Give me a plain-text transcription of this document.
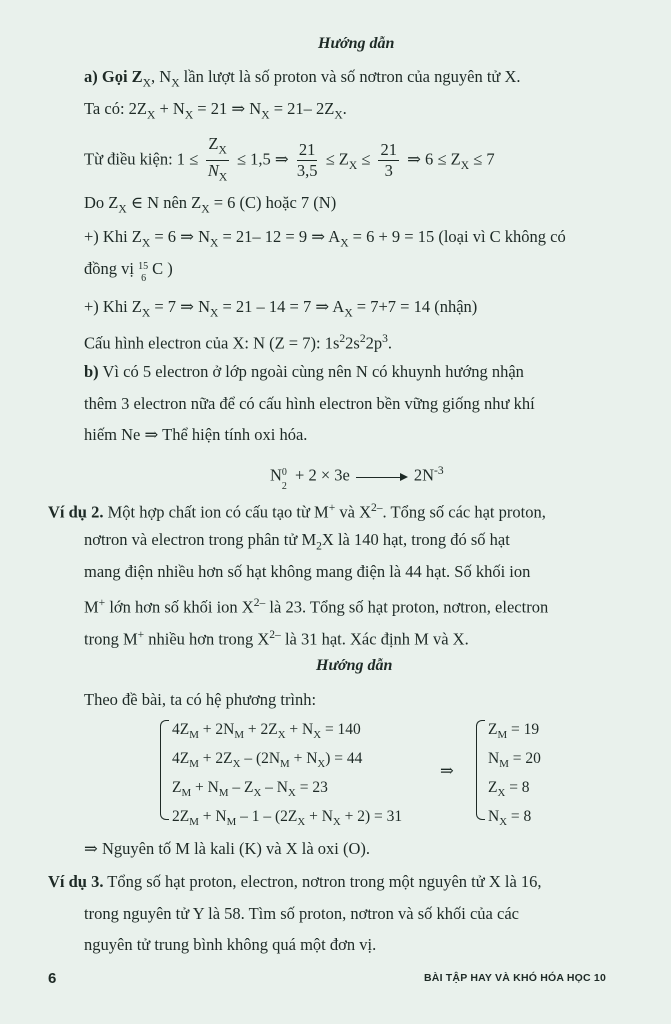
Hướng dẫn
a) Gọi $Z_X$, $N_X$ lần lượt là số proton và số nơtron của nguyên tử X.
Ta có: $2Z_X + N_X = 21$ ⇒ $N_X = 21-$ $2Z_X$.
Từ điều kiện: $1 \le \frac{Z_X}{N_X} \le 1,5$ ⇒ $\frac{21}{3,5} \le Z_X \le \frac{21}{3}$ ⇒ $6 \le Z_X \le 7$
Do $Z_X$ ∈ N nên $Z_X = 6$ (C) hoặc 7 (N)
+) Khi $Z_X = 6$ ⇒ $N_X = 21-$ 12 = 9 ⇒ $A_X = 6 + 9 = 15$ (loại vì C không có
đồng vị 15
6
C )
+) Khi $Z_X = 7$ ⇒ $N_X = 21 - 14 = 7$ ⇒ $A_X = 7+7 = 14$ (nhận)
Cấu hình electron của X: N (Z = 7): $1s^22s^22p^3$.
b) Vì có 5 electron ở lớp ngoài cùng nên N có khuynh hướng nhận
thêm 3 electron nữa để có cấu hình electron bền vững giống như khí
hiếm Ne ⇒ Thể hiện tính oxi hóa.
N 0
2
+ 2 × 3e	$2N^{-3}$
Ví dụ 2. Một hợp chất ion có cấu tạo từ M+ và $X^{2-}$. Tổng số các hạt proton,
nơtron và electron trong phân tử $M_2X$ là 140 hạt, trong đó số hạt
mang điện nhiều hơn số hạt không mang điện là 44 hạt. Số khối ion
M+ lớn hơn số khối ion $X^{2-}$ là 23. Tổng số hạt proton, nơtron, electron
trong M+ nhiều hơn trong $X^{2-}$ là 31 hạt. Xác định M và X.
Hướng dẫn
Theo đề bài, ta có hệ phương trình:
$4Z_M + 2N_M + 2Z_X + N_X = 140$
$4Z_M + 2Z_X - (2N_M + N_X) = 44$
$Z_M + N_M - Z_X - N_X = 23$
$2Z_M + N_M - 1 - (2Z_X + N_X + 2) = 31$
⇒
$Z_M = 19$
$N_M = 20$
$Z_X = 8$
$N_X = 8$
⇒ Nguyên tố M là kali (K) và X là oxi (O).
Ví dụ 3. Tổng số hạt proton, electron, nơtron trong một nguyên tử X là 16,
trong nguyên tử Y là 58. Tìm số proton, nơtron và số khối của các
nguyên tử trung bình không quá một đơn vị.
6	BÀI TẬP HAY VÀ KHÓ HÓA HỌC 10
